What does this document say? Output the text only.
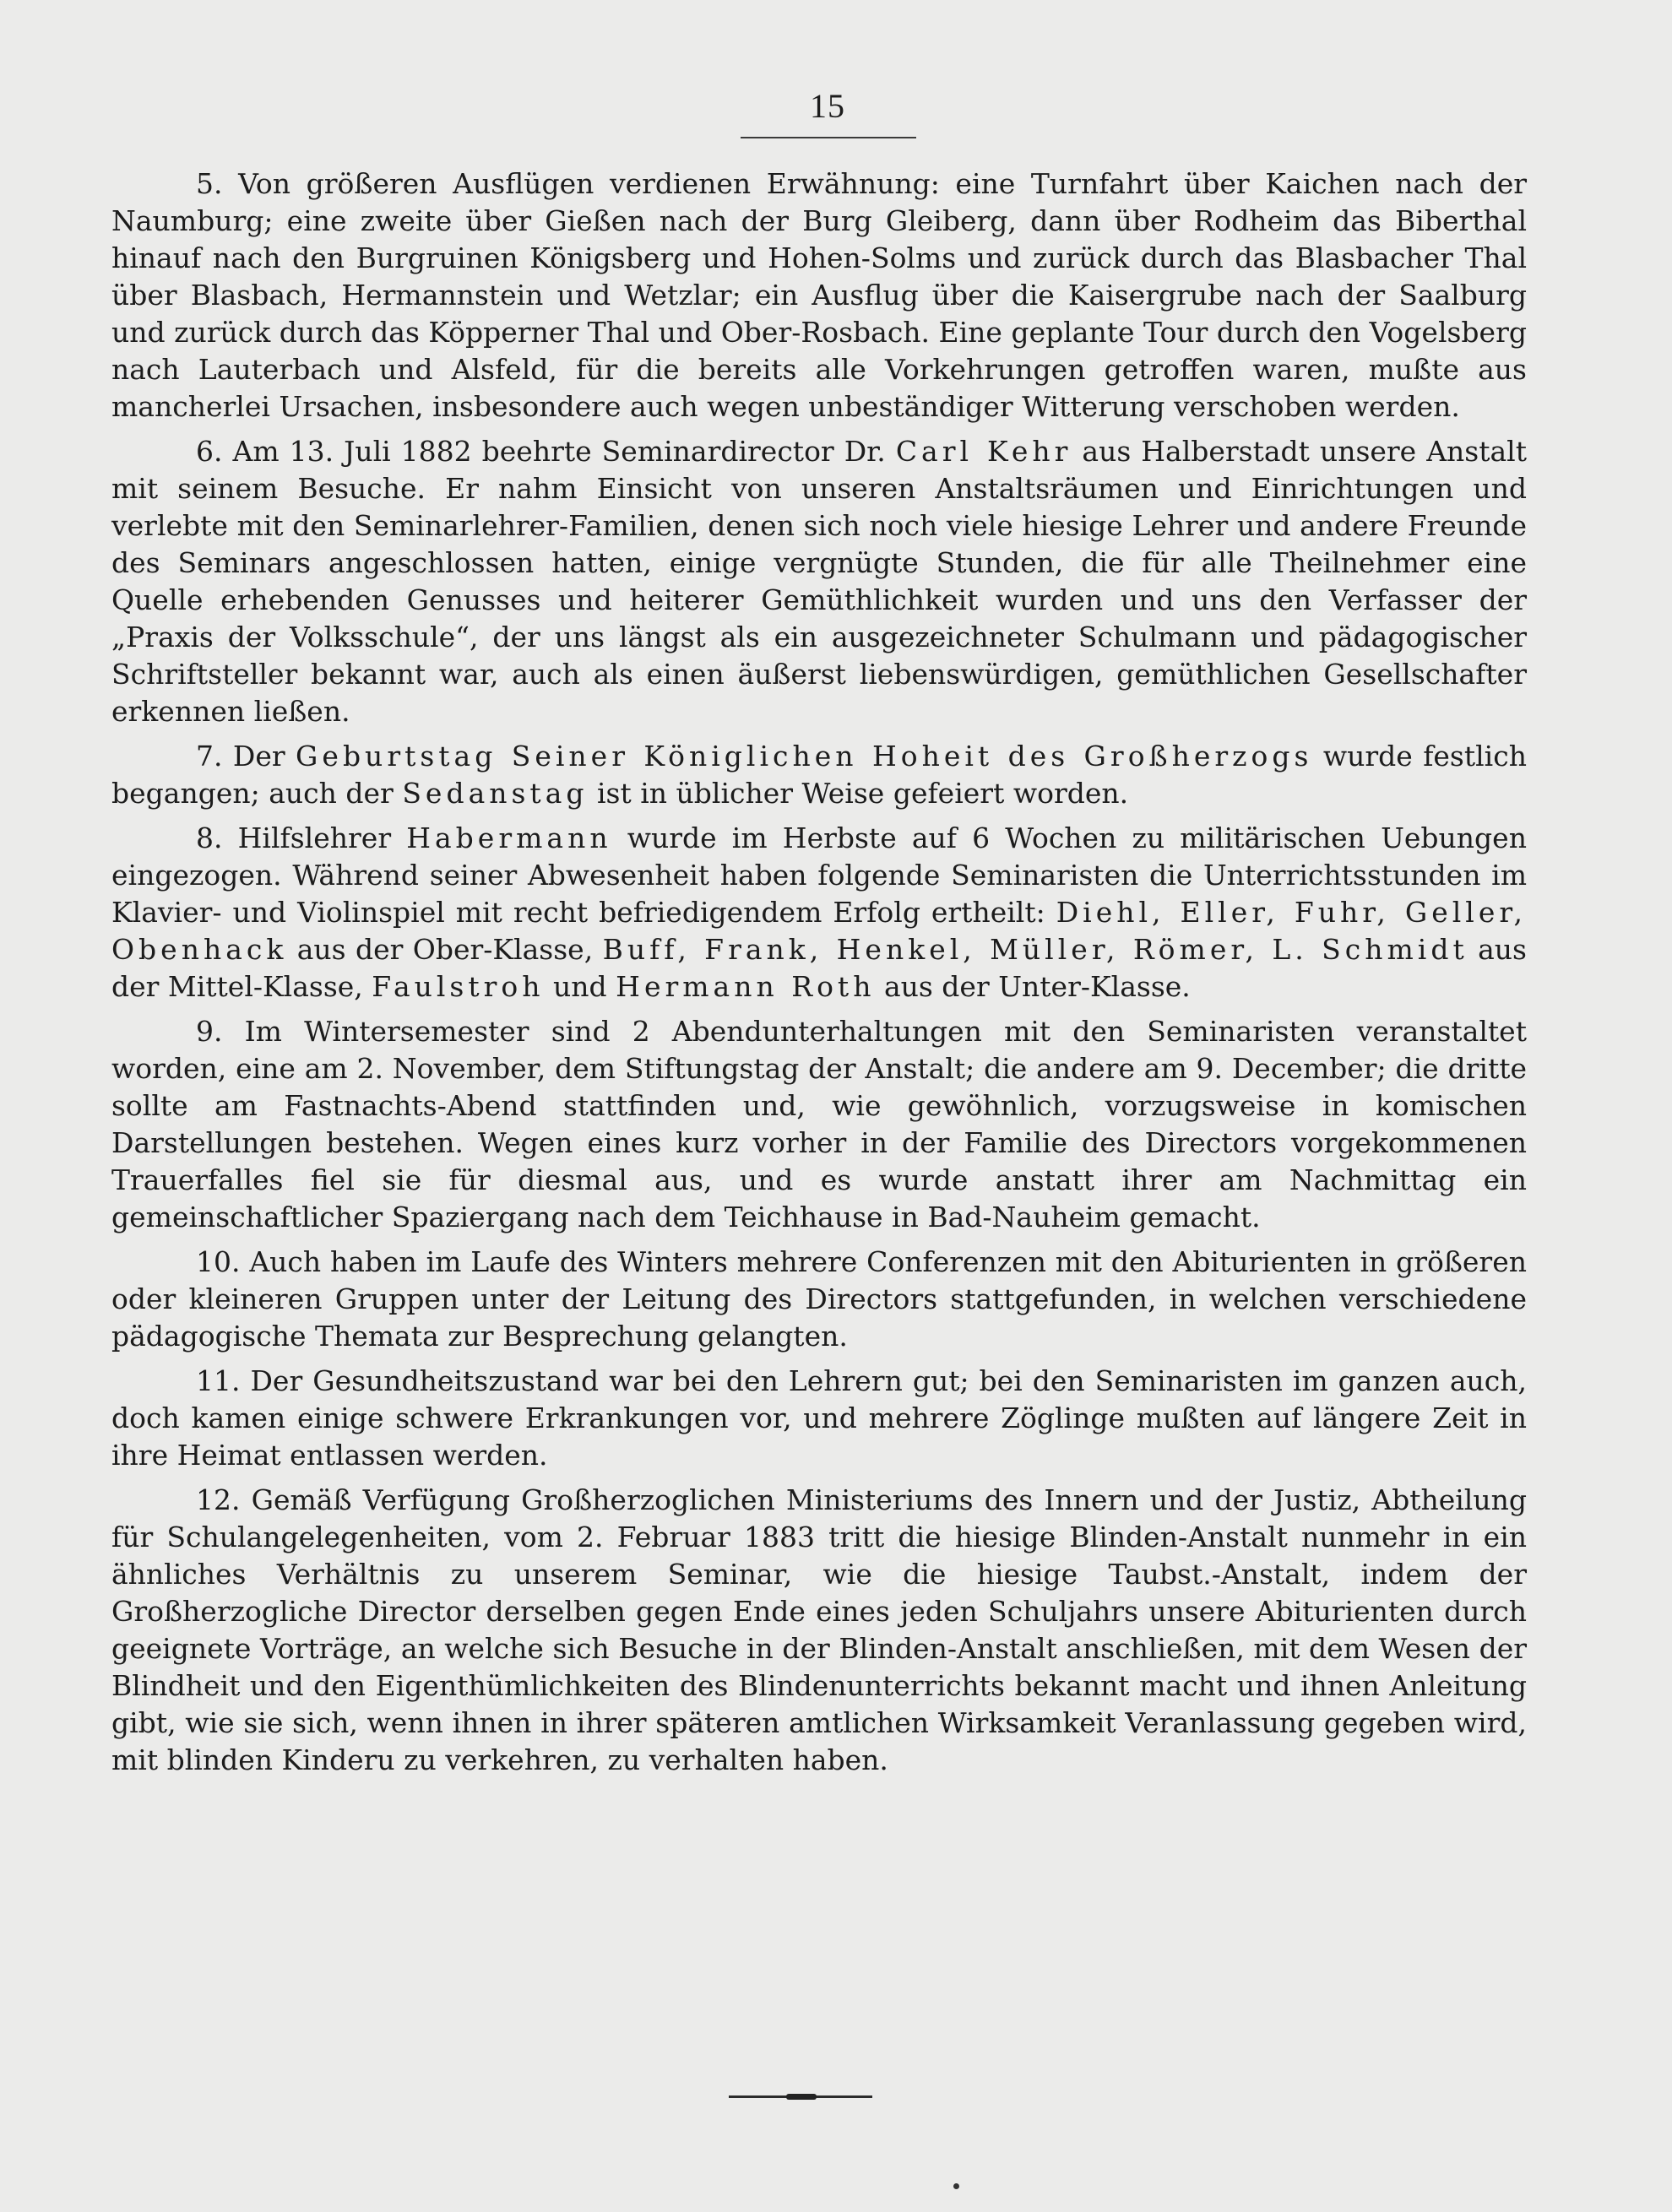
15

5. Von größeren Ausflügen verdienen Erwähnung: eine Turnfahrt über Kaichen nach der Naumburg; eine zweite über Gießen nach der Burg Gleiberg, dann über Rodheim das Biberthal hinauf nach den Burgruinen Königsberg und Hohen-Solms und zurück durch das Blasbacher Thal über Blasbach, Hermannstein und Wetzlar; ein Ausflug über die Kaisergrube nach der Saalburg und zurück durch das Köpperner Thal und Ober-Rosbach. Eine geplante Tour durch den Vogelsberg nach Lauterbach und Alsfeld, für die bereits alle Vorkehrungen getroffen waren, mußte aus mancherlei Ursachen, insbesondere auch wegen unbeständiger Witterung verschoben werden.

6. Am 13. Juli 1882 beehrte Seminardirector Dr. Carl Kehr aus Halberstadt unsere Anstalt mit seinem Besuche. Er nahm Einsicht von unseren Anstaltsräumen und Einrichtungen und verlebte mit den Seminarlehrer-Familien, denen sich noch viele hiesige Lehrer und andere Freunde des Seminars angeschlossen hatten, einige vergnügte Stunden, die für alle Theilnehmer eine Quelle erhebenden Genusses und heiterer Gemüthlichkeit wurden und uns den Verfasser der „Praxis der Volksschule“, der uns längst als ein ausgezeichneter Schulmann und pädagogischer Schriftsteller bekannt war, auch als einen äußerst liebenswürdigen, gemüthlichen Gesellschafter erkennen ließen.

7. Der Geburtstag Seiner Königlichen Hoheit des Großherzogs wurde festlich begangen; auch der Sedanstag ist in üblicher Weise gefeiert worden.

8. Hilfslehrer Habermann wurde im Herbste auf 6 Wochen zu militärischen Uebungen eingezogen. Während seiner Abwesenheit haben folgende Seminaristen die Unterrichtsstunden im Klavier- und Violinspiel mit recht befriedigendem Erfolg ertheilt: Diehl, Eller, Fuhr, Geller, Obenhack aus der Ober-Klasse, Buff, Frank, Henkel, Müller, Römer, L. Schmidt aus der Mittel-Klasse, Faulstroh und Hermann Roth aus der Unter-Klasse.

9. Im Wintersemester sind 2 Abendunterhaltungen mit den Seminaristen veranstaltet worden, eine am 2. November, dem Stiftungstag der Anstalt; die andere am 9. December; die dritte sollte am Fastnachts-Abend stattfinden und, wie gewöhnlich, vorzugsweise in komischen Darstellungen bestehen. Wegen eines kurz vorher in der Familie des Directors vorgekommenen Trauerfalles fiel sie für diesmal aus, und es wurde anstatt ihrer am Nachmittag ein gemeinschaftlicher Spaziergang nach dem Teichhause in Bad-Nauheim gemacht.

10. Auch haben im Laufe des Winters mehrere Conferenzen mit den Abiturienten in größeren oder kleineren Gruppen unter der Leitung des Directors stattgefunden, in welchen verschiedene pädagogische Themata zur Besprechung gelangten.

11. Der Gesundheitszustand war bei den Lehrern gut; bei den Seminaristen im ganzen auch, doch kamen einige schwere Erkrankungen vor, und mehrere Zöglinge mußten auf längere Zeit in ihre Heimat entlassen werden.

12. Gemäß Verfügung Großherzoglichen Ministeriums des Innern und der Justiz, Abtheilung für Schulangelegenheiten, vom 2. Februar 1883 tritt die hiesige Blinden-Anstalt nunmehr in ein ähnliches Verhältnis zu unserem Seminar, wie die hiesige Taubst.-Anstalt, indem der Großherzogliche Director derselben gegen Ende eines jeden Schuljahrs unsere Abiturienten durch geeignete Vorträge, an welche sich Besuche in der Blinden-Anstalt anschließen, mit dem Wesen der Blindheit und den Eigenthümlichkeiten des Blindenunterrichts bekannt macht und ihnen Anleitung gibt, wie sie sich, wenn ihnen in ihrer späteren amtlichen Wirksamkeit Veranlassung gegeben wird, mit blinden Kinderu zu verkehren, zu verhalten haben.
